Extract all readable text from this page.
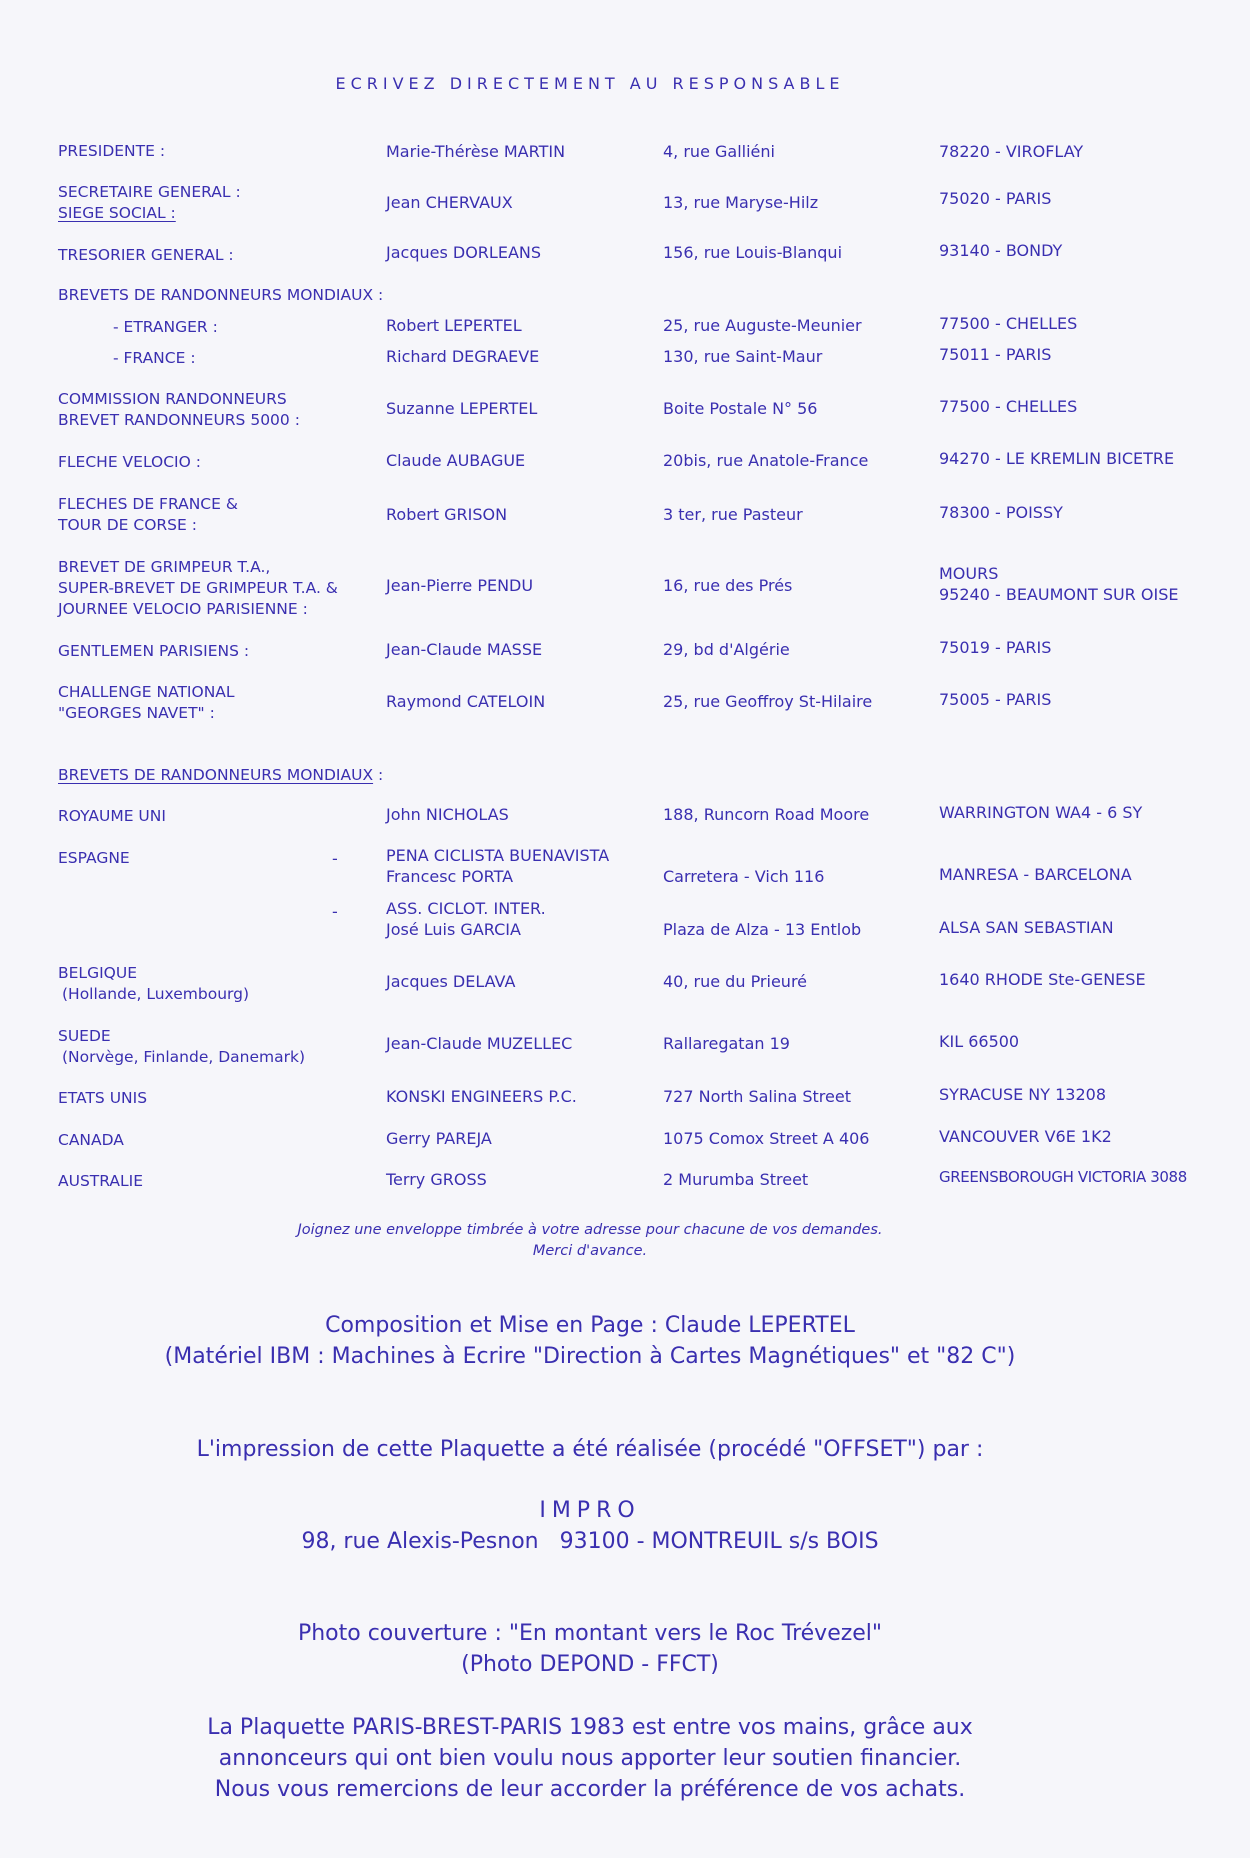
ECRIVEZ DIRECTEMENT AU RESPONSABLE
PRESIDENTE :	Marie-Thérèse MARTIN	4, rue Galliéni	78220 - VIROFLAY
SECRETAIRE GENERAL :
SIEGE SOCIAL :
Jean CHERVAUX	13, rue Maryse-Hilz	75020 - PARIS
TRESORIER GENERAL :	Jacques DORLEANS	156, rue Louis-Blanqui	93140 - BONDY
BREVETS DE RANDONNEURS MONDIAUX :
- ETRANGER :	Robert LEPERTEL	25, rue Auguste-Meunier	77500 - CHELLES
- FRANCE :	Richard DEGRAEVE	130, rue Saint-Maur	75011 - PARIS
COMMISSION RANDONNEURS
BREVET RANDONNEURS 5000 :
Suzanne LEPERTEL	Boite Postale N° 56	77500 - CHELLES
FLECHE VELOCIO :	Claude AUBAGUE	20bis, rue Anatole-France	94270 - LE KREMLIN BICETRE
FLECHES DE FRANCE &
TOUR DE CORSE :
Robert GRISON	3 ter, rue Pasteur	78300 - POISSY
BREVET DE GRIMPEUR T.A.,
SUPER-BREVET DE GRIMPEUR T.A. &
JOURNEE VELOCIO PARISIENNE :
Jean-Pierre PENDU	16, rue des Prés
MOURS
95240 - BEAUMONT SUR OISE
GENTLEMEN PARISIENS :	Jean-Claude MASSE	29, bd d'Algérie	75019 - PARIS
CHALLENGE NATIONAL
"GEORGES NAVET" :
Raymond CATELOIN	25, rue Geoffroy St-Hilaire	75005 - PARIS
BREVETS DE RANDONNEURS MONDIAUX :
ROYAUME UNI	John NICHOLAS	188, Runcorn Road Moore	WARRINGTON WA4 - 6 SY
ESPAGNE	-	PENA CICLISTA BUENAVISTA
Francesc PORTA	Carretera - Vich 116	MANRESA - BARCELONA
-	ASS. CICLOT. INTER.
José Luis GARCIA	Plaza de Alza - 13 Entlob	ALSA SAN SEBASTIAN
BELGIQUE
(Hollande, Luxembourg)
Jacques DELAVA	40, rue du Prieuré	1640 RHODE Ste-GENESE
SUEDE
(Norvège, Finlande, Danemark)
Jean-Claude MUZELLEC	Rallaregatan 19	KIL 66500
ETATS UNIS	KONSKI ENGINEERS P.C.	727 North Salina Street	SYRACUSE NY 13208
CANADA	Gerry PAREJA	1075 Comox Street A 406	VANCOUVER V6E 1K2
AUSTRALIE	Terry GROSS	2 Murumba Street	GREENSBOROUGH VICTORIA 3088
Joignez une enveloppe timbrée à votre adresse pour chacune de vos demandes.
Merci d'avance.
Composition et Mise en Page : Claude LEPERTEL
(Matériel IBM : Machines à Ecrire "Direction à Cartes Magnétiques" et "82 C")
L'impression de cette Plaquette a été réalisée (procédé "OFFSET") par :
IMPRO
98, rue Alexis-Pesnon   93100 - MONTREUIL s/s BOIS
Photo couverture : "En montant vers le Roc Trévezel"
(Photo DEPOND - FFCT)
La Plaquette PARIS-BREST-PARIS 1983 est entre vos mains, grâce aux
annonceurs qui ont bien voulu nous apporter leur soutien financier.
Nous vous remercions de leur accorder la préférence de vos achats.
